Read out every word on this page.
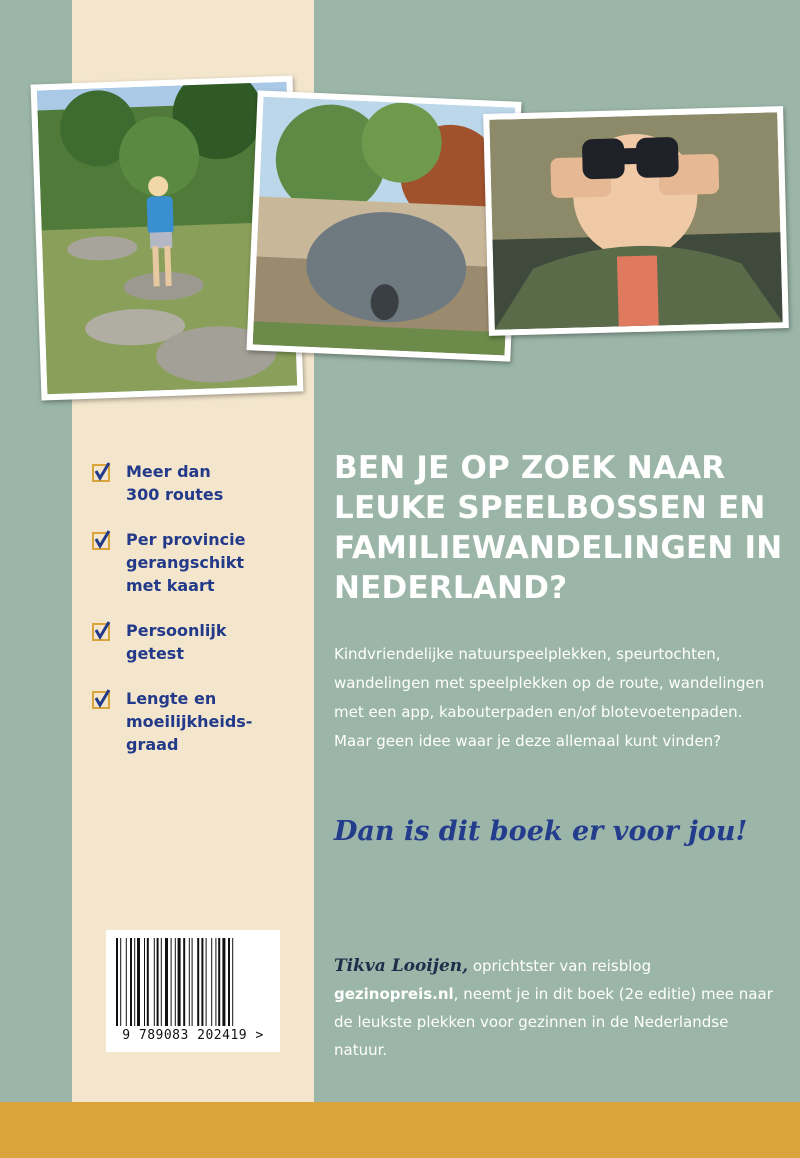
Meer dan
300 routes
Per provincie
gerangschikt
met kaart
Persoonlijk
getest
Lengte en
moeilijkheids-
graad
BEN JE OP ZOEK NAAR LEUKE SPEELBOSSEN EN FAMILIEWANDELINGEN IN NEDERLAND?

Kindvriendelijke natuurspeelplekken, speurtochten, wandelingen met speelplekken op de route, wandelingen met een app, kabouterpaden en/of blotevoetenpaden. Maar geen idee waar je deze allemaal kunt vinden?

Dan is dit boek er voor jou!

Tikva Looijen, oprichtster van reisblog gezinopreis.nl, neemt je in dit boek (2e editie) mee naar de leukste plekken voor gezinnen in de Nederlandse natuur.

9 789083 202419 >
